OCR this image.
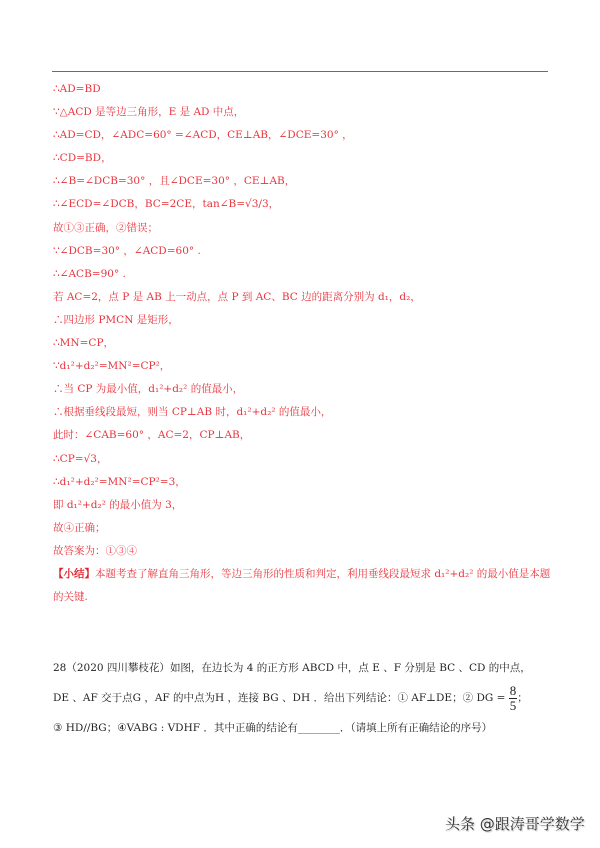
∴AD=BD
∵△ACD 是等边三角形，E 是 AD 中点，
∴AD=CD，∠ADC=60° =∠ACD，CE⊥AB，∠DCE=30° ，
∴CD=BD，
∴∠B=∠DCB=30° ，且∠DCE=30° ，CE⊥AB，
∴∠ECD=∠DCB，BC=2CE，tan∠B=√3/3，
故①③正确，②错误；
∵∠DCB=30° ，∠ACD=60° .
∴∠ACB=90° .
若 AC=2，点 P 是 AB 上一动点，点 P 到 AC、BC 边的距离分别为 d₁，d₂，
∴四边形 PMCN 是矩形，
∴MN=CP，
∵d₁²+d₂²=MN²=CP²，
∴当 CP 为最小值，d₁²+d₂² 的值最小，
∴根据垂线段最短，则当 CP⊥AB 时，d₁²+d₂² 的值最小，
此时：∠CAB=60° ，AC=2，CP⊥AB，
∴CP=√3，
∴d₁²+d₂²=MN²=CP²=3，
即 d₁²+d₂² 的最小值为 3，
故④正确；
故答案为：①③④
【小结】本题考查了解直角三角形，等边三角形的性质和判定，利用垂线段最短求 d₁²+d₂² 的最小值是本题的关键.
28（2020 四川攀枝花）如图，在边长为 4 的正方形 ABCD 中，点 E 、F 分别是 BC 、CD 的中点，
DE 、AF 交于点G ，AF 的中点为H ，连接 BG 、DH ．给出下列结论：① AF⊥DE；② DG = $\frac{8}{5}$ ；
③ HD//BG；④VABG : VDHF ．其中正确的结论有________．（请填上所有正确结论的序号）
头条 @跟涛哥学数学
